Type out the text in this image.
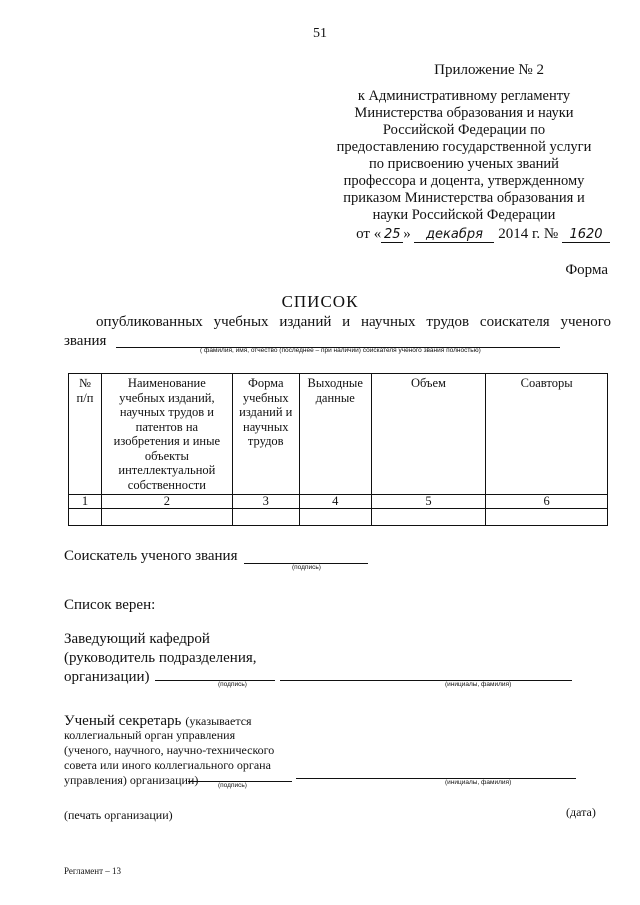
51
Приложение № 2
к Административному регламенту
Министерства образования и науки
Российской Федерации по
предоставлению государственной услуги
по присвоению ученых званий
профессора и доцента, утвержденному
приказом Министерства образования и
науки Российской Федерации
от « 25 » декабря 2014 г. № 1620
Форма
СПИСОК
опубликованных учебных изданий и научных трудов соискателя ученого
звания
( фамилия, имя, отчество (последнее – при наличии) соискателя ученого звания полностью)
№ п/п	Наименование учебных изданий, научных трудов и патентов на изобретения и иные объекты интеллектуальной собственности	Форма учебных изданий и научных трудов	Выходные данные	Объем	Соавторы
1	2	3	4	5	6

Соискатель ученого звания
(подпись)
Список верен:
Заведующий кафедрой
(руководитель подразделения,
организации)	(подпись)	(инициалы, фамилия)
Ученый секретарь (указывается
коллегиальный орган управления
(ученого, научного, научно-технического
совета или иного коллегиального органа
управления) организации)	(подпись)	(инициалы, фамилия)
(печать организации)	(дата)
Регламент – 13
